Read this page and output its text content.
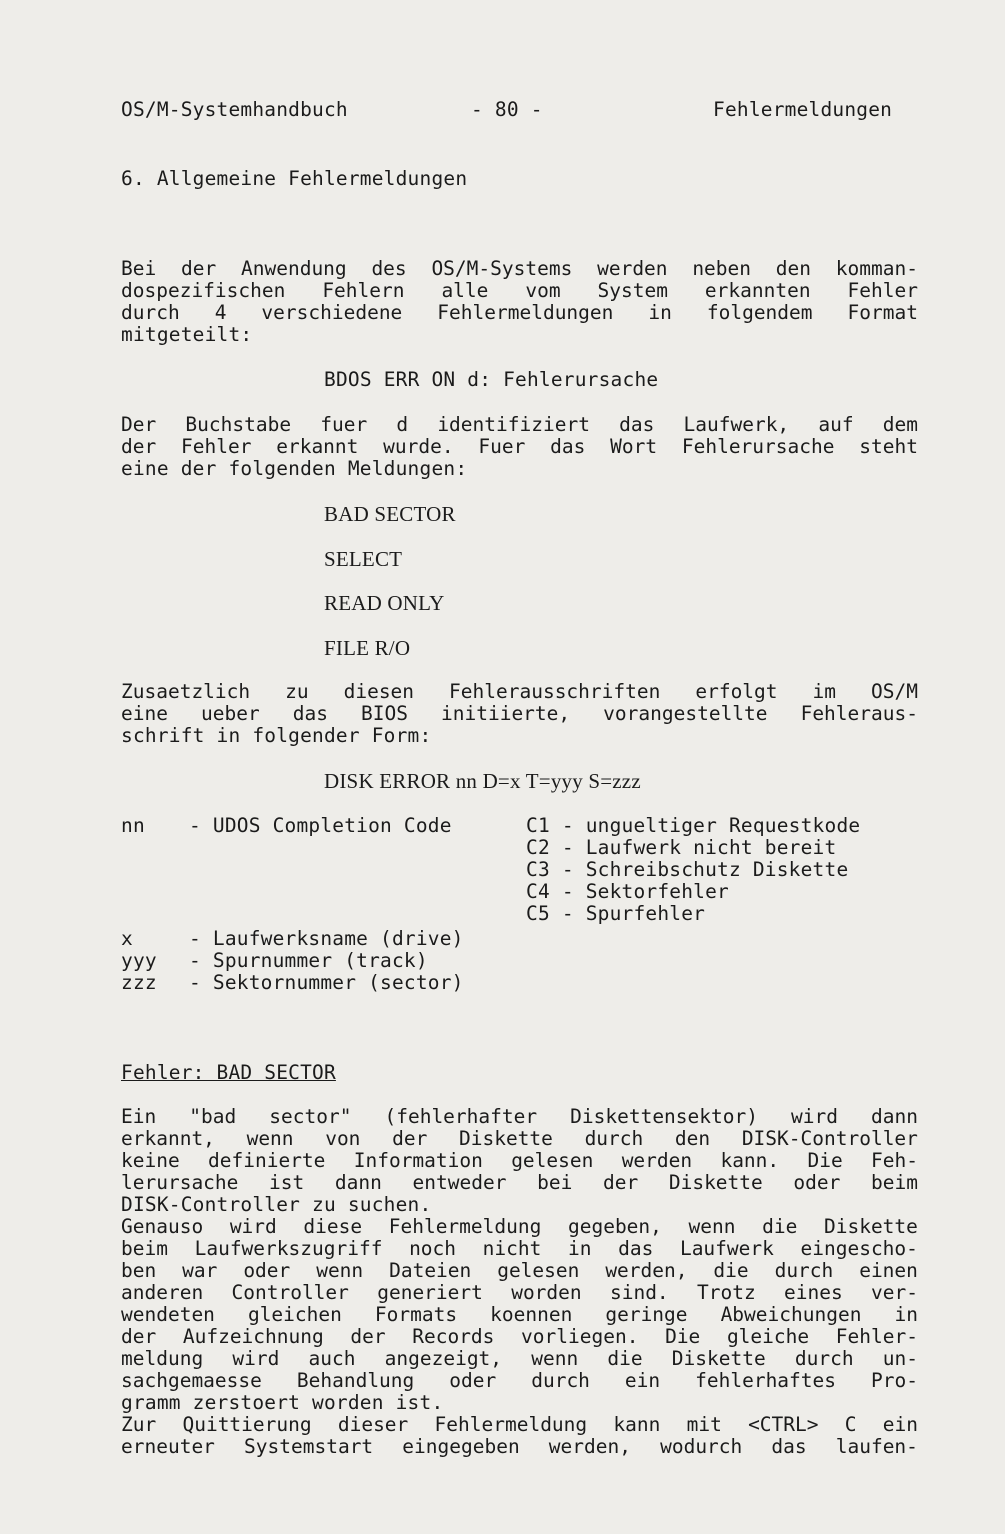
OS/M-Systemhandbuch	- 80 -	Fehlermeldungen
6. Allgemeine Fehlermeldungen
Bei der Anwendung des OS/M-Systems werden neben den komman-
dospezifischen Fehlern alle vom System erkannten Fehler
durch 4 verschiedene Fehlermeldungen in folgendem Format
mitgeteilt:
BDOS ERR ON d: Fehlerursache
Der Buchstabe fuer d identifiziert das Laufwerk, auf dem
der Fehler erkannt wurde. Fuer das Wort Fehlerursache steht
eine der folgenden Meldungen:
BAD SECTOR
SELECT
READ ONLY
FILE R/O
Zusaetzlich zu diesen Fehlerausschriften erfolgt im OS/M
eine ueber das BIOS initiierte, vorangestellte Fehleraus-
schrift in folgender Form:
DISK ERROR nn D=x T=yyy S=zzz
nn - UDOS Completion Code	C1 - ungueltiger Requestkode
C2 - Laufwerk nicht bereit
C3 - Schreibschutz Diskette
C4 - Sektorfehler
C5 - Spurfehler
x	- Laufwerksname (drive)
yyy - Spurnummer (track)
zzz - Sektornummer (sector)
Fehler: BAD SECTOR
Ein "bad sector" (fehlerhafter Diskettensektor) wird dann
erkannt, wenn von der Diskette durch den DISK-Controller
keine definierte Information gelesen werden kann. Die Feh-
lerursache ist dann entweder bei der Diskette oder beim
DISK-Controller zu suchen.
Genauso wird diese Fehlermeldung gegeben, wenn die Diskette
beim Laufwerkszugriff noch nicht in das Laufwerk eingescho-
ben war oder wenn Dateien gelesen werden, die durch einen
anderen Controller generiert worden sind. Trotz eines ver-
wendeten gleichen Formats koennen geringe Abweichungen in
der Aufzeichnung der Records vorliegen. Die gleiche Fehler-
meldung wird auch angezeigt, wenn die Diskette durch un-
sachgemaesse Behandlung oder durch ein fehlerhaftes Pro-
gramm zerstoert worden ist.
Zur Quittierung dieser Fehlermeldung kann mit <CTRL> C ein
erneuter Systemstart eingegeben werden, wodurch das laufen-
